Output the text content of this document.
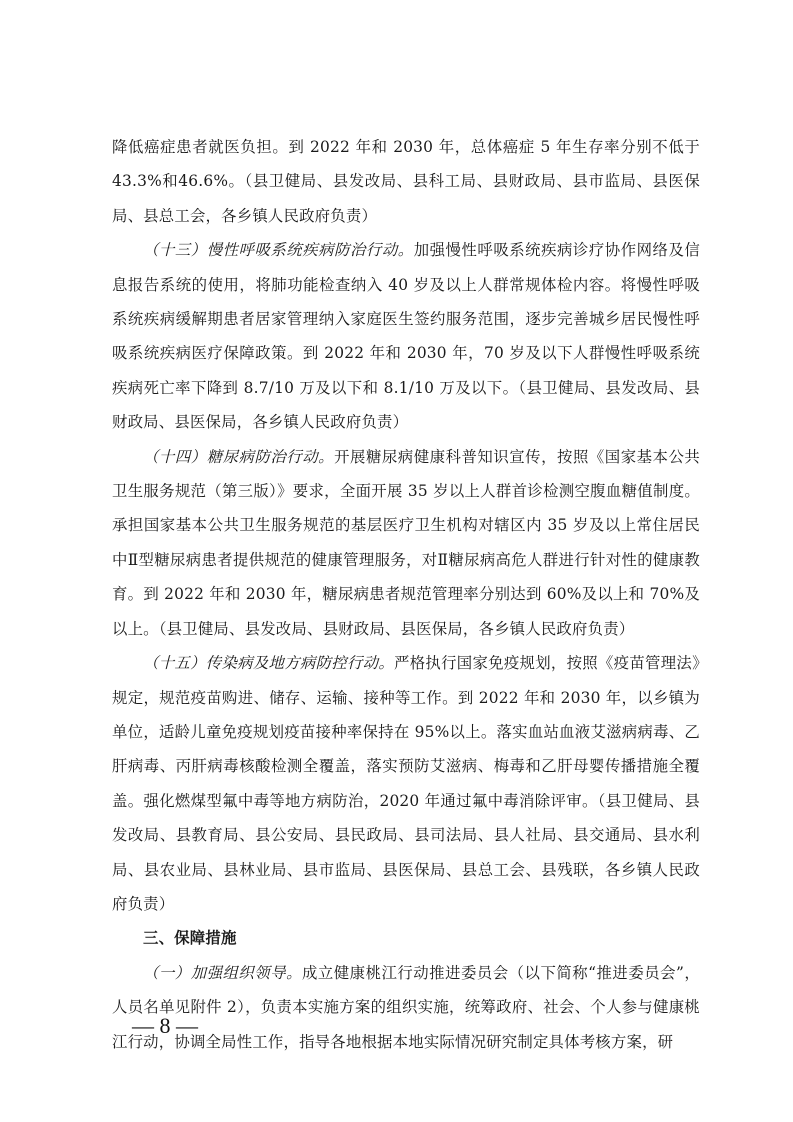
降低癌症患者就医负担。到 2022 年和 2030 年，总体癌症 5 年生存率分别不低于 43.3%和46.6%。（县卫健局、县发改局、县科工局、县财政局、县市监局、县医保局、县总工会，各乡镇人民政府负责）

（十三）慢性呼吸系统疾病防治行动。加强慢性呼吸系统疾病诊疗协作网络及信息报告系统的使用，将肺功能检查纳入 40 岁及以上人群常规体检内容。将慢性呼吸系统疾病缓解期患者居家管理纳入家庭医生签约服务范围，逐步完善城乡居民慢性呼吸系统疾病医疗保障政策。到 2022 年和 2030 年，70 岁及以下人群慢性呼吸系统疾病死亡率下降到 8.7/10 万及以下和 8.1/10 万及以下。（县卫健局、县发改局、县财政局、县医保局，各乡镇人民政府负责）

（十四）糖尿病防治行动。开展糖尿病健康科普知识宣传，按照《国家基本公共卫生服务规范（第三版）》要求，全面开展 35 岁以上人群首诊检测空腹血糖值制度。承担国家基本公共卫生服务规范的基层医疗卫生机构对辖区内 35 岁及以上常住居民中Ⅱ型糖尿病患者提供规范的健康管理服务，对Ⅱ糖尿病高危人群进行针对性的健康教育。到 2022 年和 2030 年，糖尿病患者规范管理率分别达到 60%及以上和 70%及以上。（县卫健局、县发改局、县财政局、县医保局，各乡镇人民政府负责）

（十五）传染病及地方病防控行动。严格执行国家免疫规划，按照《疫苗管理法》规定，规范疫苗购进、储存、运输、接种等工作。到 2022 年和 2030 年，以乡镇为单位，适龄儿童免疫规划疫苗接种率保持在 95%以上。落实血站血液艾滋病病毒、乙肝病毒、丙肝病毒核酸检测全覆盖，落实预防艾滋病、梅毒和乙肝母婴传播措施全覆盖。强化燃煤型氟中毒等地方病防治，2020 年通过氟中毒消除评审。（县卫健局、县发改局、县教育局、县公安局、县民政局、县司法局、县人社局、县交通局、县水利局、县农业局、县林业局、县市监局、县医保局、县总工会、县残联，各乡镇人民政府负责）

三、保障措施

（一）加强组织领导。成立健康桃江行动推进委员会（以下简称“推进委员会”，人员名单见附件 2），负责本实施方案的组织实施，统筹政府、社会、个人参与健康桃江行动，协调全局性工作，指导各地根据本地实际情况研究制定具体考核方案，研

— 8 —
